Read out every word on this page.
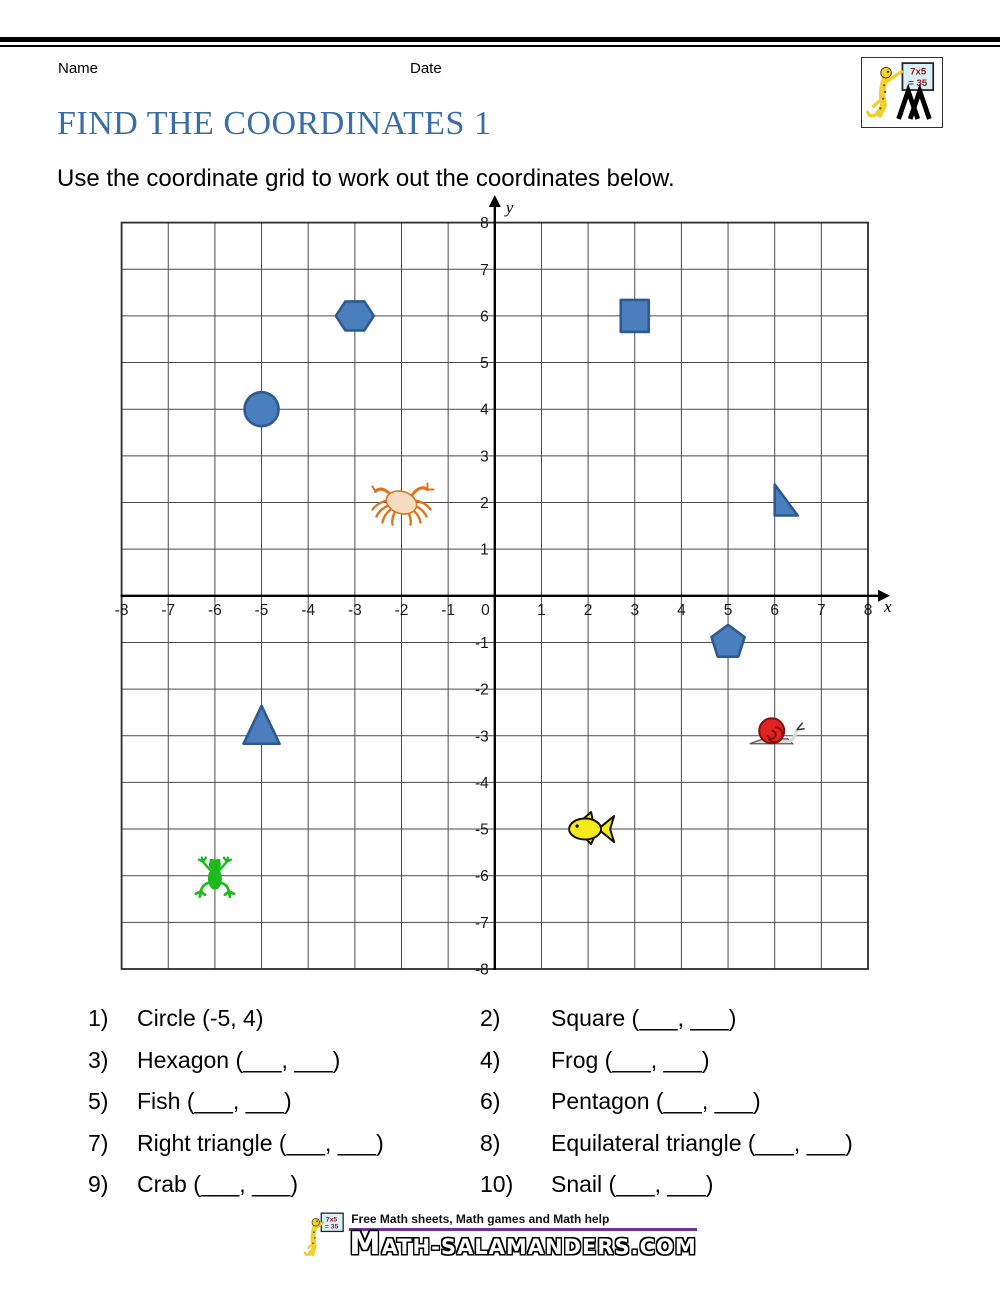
Name	Date	7x5
= 35
FIND THE COORDINATES 1
Use the coordinate grid to work out the coordinates below.
-8 -7 -6 -5 -4 -3 -2 -1 0	1 2 3 4 5 6 7 8
8
7
6
5
4
3
2
1
-1
-2
-3
-4
-5
-6
-7
-8
y
x
1)	Circle (-5, 4)	2)	Square (___, ___)
3)	Hexagon (___, ___)	4)	Frog (___, ___)
5)	Fish (___, ___)	6)	Pentagon (___, ___)
7)	Right triangle (___, ___)	8)	Equilateral triangle (___, ___)
9)	Crab (___, ___)	10)	Snail (___, ___)
7x5
= 35
Free Math sheets, Math games and Math help
MATH-SALAMANDERS.COM
